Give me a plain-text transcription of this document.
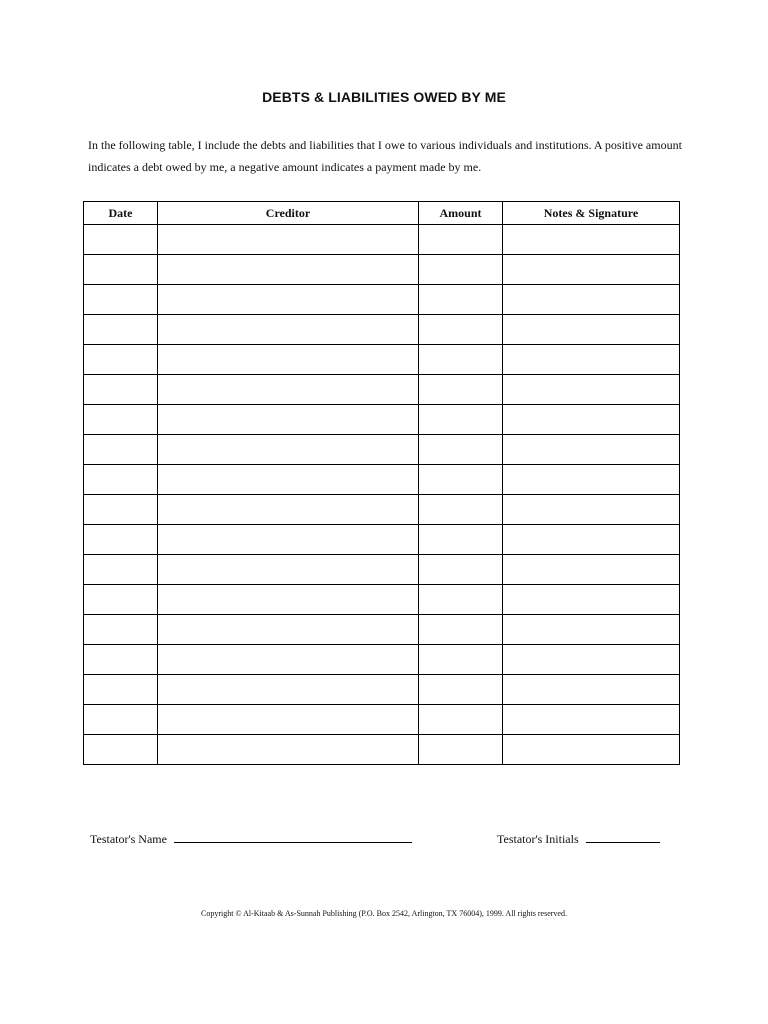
DEBTS & LIABILITIES OWED BY ME

In the following table, I include the debts and liabilities that I owe to various individuals and institutions. A positive amount indicates a debt owed by me, a negative amount indicates a payment made by me.

Date	Creditor	Amount	Notes & Signature

Testator's Name	Testator's Initials
Copyright © Al-Kitaab & As-Sunnah Publishing (P.O. Box 2542, Arlington, TX 76004), 1999. All rights reserved.
